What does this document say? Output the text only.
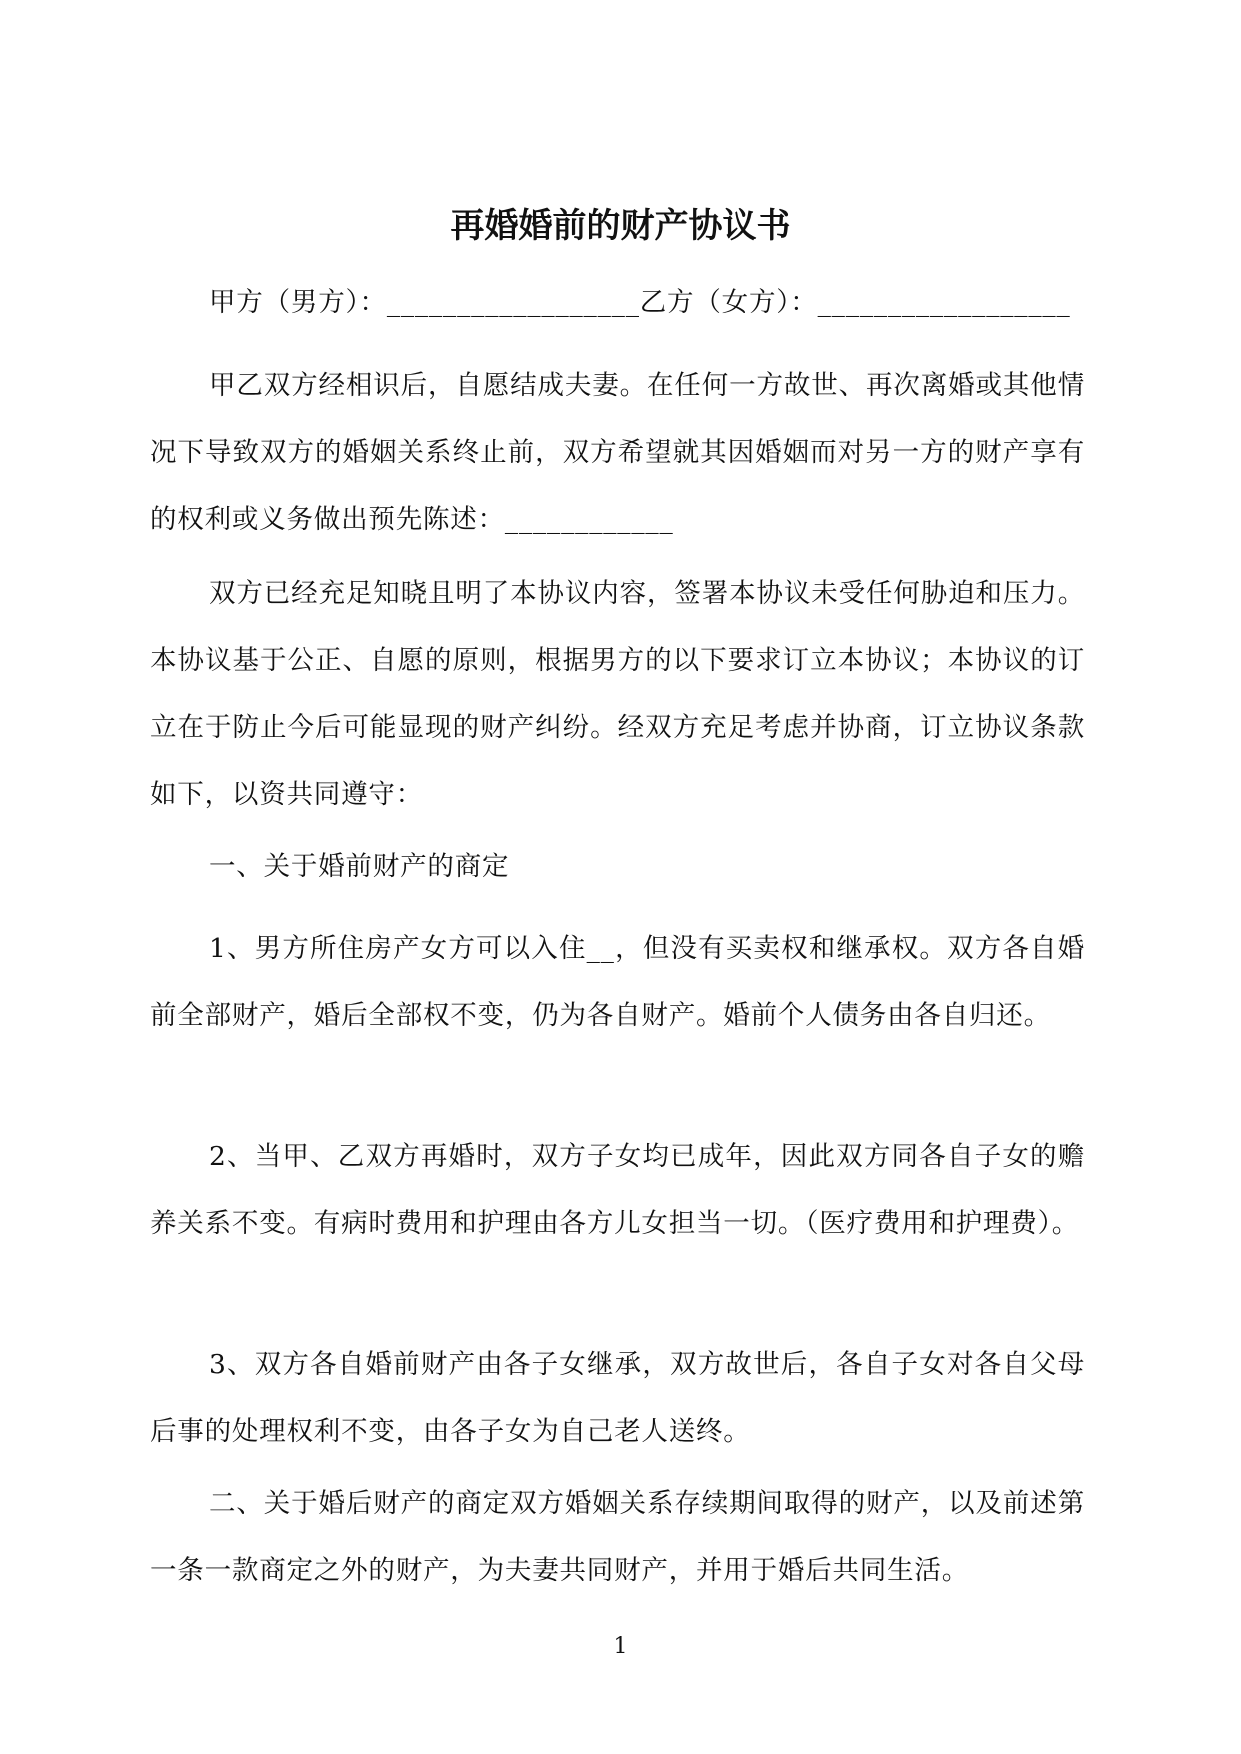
再婚婚前的财产协议书

甲方（男方）：__________________乙方（女方）：__________________

甲乙双方经相识后，自愿结成夫妻。在任何一方故世、再次离婚或其他情况下导致双方的婚姻关系终止前，双方希望就其因婚姻而对另一方的财产享有的权利或义务做出预先陈述：____________

双方已经充足知晓且明了本协议内容，签署本协议未受任何胁迫和压力。本协议基于公正、自愿的原则，根据男方的以下要求订立本协议；本协议的订立在于防止今后可能显现的财产纠纷。经双方充足考虑并协商，订立协议条款如下，以资共同遵守：

一、关于婚前财产的商定

1、男方所住房产女方可以入住__，但没有买卖权和继承权。双方各自婚前全部财产，婚后全部权不变，仍为各自财产。婚前个人债务由各自归还。

2、当甲、乙双方再婚时，双方子女均已成年，因此双方同各自子女的赡养关系不变。有病时费用和护理由各方儿女担当一切。（医疗费用和护理费）。

3、双方各自婚前财产由各子女继承，双方故世后，各自子女对各自父母后事的处理权利不变，由各子女为自己老人送终。

二、关于婚后财产的商定双方婚姻关系存续期间取得的财产，以及前述第一条一款商定之外的财产，为夫妻共同财产，并用于婚后共同生活。

1
